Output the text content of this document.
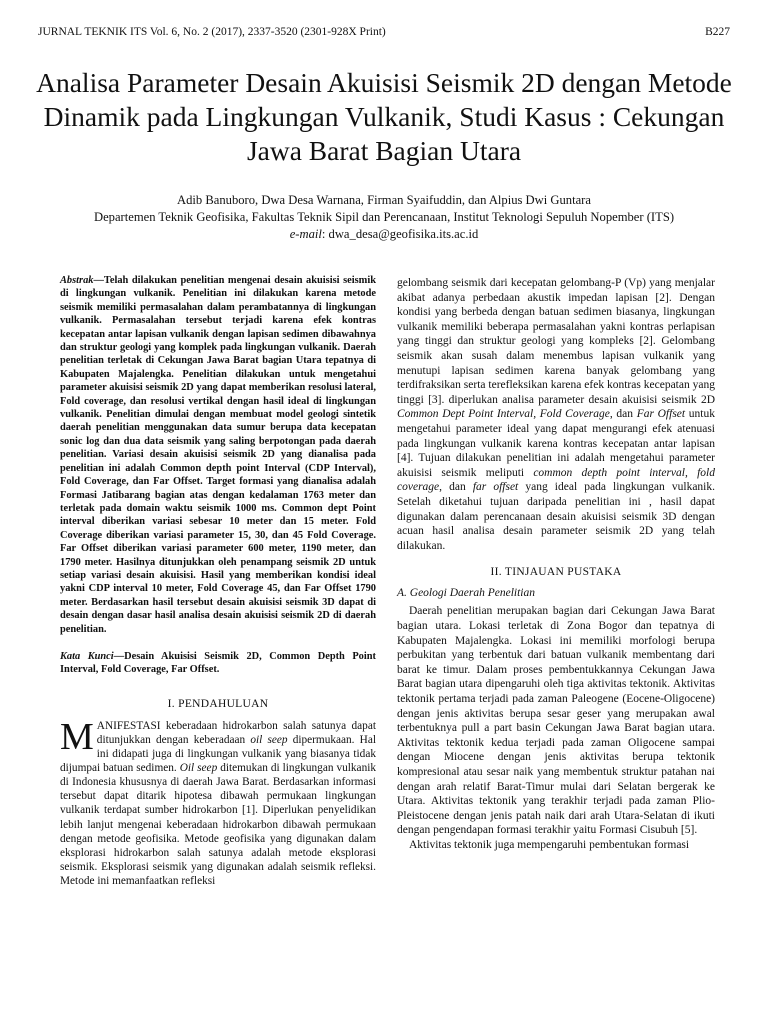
JURNAL TEKNIK ITS Vol. 6, No. 2 (2017), 2337-3520 (2301-928X Print)	B227
Analisa Parameter Desain Akuisisi Seismik 2D dengan Metode Dinamik pada Lingkungan Vulkanik, Studi Kasus : Cekungan Jawa Barat Bagian Utara
Adib Banuboro, Dwa Desa Warnana, Firman Syaifuddin, dan Alpius Dwi Guntara
Departemen Teknik Geofisika, Fakultas Teknik Sipil dan Perencanaan, Institut Teknologi Sepuluh Nopember (ITS)
e-mail: dwa_desa@geofisika.its.ac.id

Abstrak—Telah dilakukan penelitian mengenai desain akuisisi seismik di lingkungan vulkanik. Penelitian ini dilakukan karena metode seismik memiliki permasalahan dalam perambatannya di lingkungan vulkanik. Permasalahan tersebut terjadi karena efek kontras kecepatan antar lapisan vulkanik dengan lapisan sedimen dibawahnya dan struktur geologi yang komplek pada lingkungan vulkanik. Daerah penelitian terletak di Cekungan Jawa Barat bagian Utara tepatnya di Kabupaten Majalengka. Penelitian dilakukan untuk mengetahui parameter akuisisi seismik 2D yang dapat memberikan resolusi lateral, Fold coverage, dan resolusi vertikal dengan hasil ideal di lingkungan vulkanik. Penelitian dimulai dengan membuat model geologi sintetik daerah penelitian menggunakan data sumur berupa data kecepatan sonic log dan dua data seismik yang saling berpotongan pada daerah penelitian. Variasi desain akuisisi seismik 2D yang dianalisa pada penelitian ini adalah Common depth point Interval (CDP Interval), Fold Coverage, dan Far Offset. Target formasi yang dianalisa adalah Formasi Jatibarang bagian atas dengan kedalaman 1763 meter dan terletak pada domain waktu seismik 1000 ms. Common dept Point interval diberikan variasi sebesar 10 meter dan 15 meter. Fold Coverage diberikan variasi parameter 15, 30, dan 45 Fold Coverage. Far Offset diberikan variasi parameter 600 meter, 1190 meter, dan 1790 meter. Hasilnya ditunjukkan oleh penampang seismik 2D untuk setiap variasi desain akuisisi. Hasil yang memberikan kondisi ideal yakni CDP interval 10 meter, Fold Coverage 45, dan Far Offset 1790 meter. Berdasarkan hasil tersebut desain akuisisi seismik 3D dapat di desain dengan dasar hasil analisa desain akuisisi seismik 2D di daerah penelitian.

Kata Kunci—Desain Akuisisi Seismik 2D, Common Depth Point Interval, Fold Coverage, Far Offset.

I. PENDAHULUAN

MANIFESTASI keberadaan hidrokarbon salah satunya dapat ditunjukkan dengan keberadaan oil seep dipermukaan. Hal ini didapati juga di lingkungan vulkanik yang biasanya tidak dijumpai batuan sedimen. Oil seep ditemukan di lingkungan vulkanik di Indonesia khususnya di daerah Jawa Barat. Berdasarkan informasi tersebut dapat ditarik hipotesa dibawah permukaan lingkungan vulkanik terdapat sumber hidrokarbon [1]. Diperlukan penyelidikan lebih lanjut mengenai keberadaan hidrokarbon dibawah permukaan dengan metode geofisika. Metode geofisika yang digunakan dalam eksplorasi hidrokarbon salah satunya adalah metode eksplorasi seismik. Eksplorasi seismik yang digunakan adalah seismik refleksi. Metode ini memanfaatkan refleksi

gelombang seismik dari kecepatan gelombang-P (Vp) yang menjalar akibat adanya perbedaan akustik impedan lapisan [2]. Dengan kondisi yang berbeda dengan batuan sedimen biasanya, lingkungan vulkanik memiliki beberapa permasalahan yakni kontras perlapisan yang tinggi dan struktur geologi yang kompleks [2]. Gelombang seismik akan susah dalam menembus lapisan vulkanik yang menutupi lapisan sedimen karena banyak gelombang yang terdifraksikan serta terefleksikan karena efek kontras kecepatan yang tinggi [3]. diperlukan analisa parameter desain akuisisi seismik 2D Common Dept Point Interval, Fold Coverage, dan Far Offset untuk mengetahui parameter ideal yang dapat mengurangi efek atenuasi pada lingkungan vulkanik karena kontras kecepatan antar lapisan [4]. Tujuan dilakukan penelitian ini adalah mengetahui parameter akuisisi seismik meliputi common depth point interval, fold coverage, dan far offset yang ideal pada lingkungan vulkanik. Setelah diketahui tujuan daripada penelitian ini , hasil dapat digunakan dalam perencanaan desain akuisisi seismik 3D dengan acuan hasil analisa desain parameter seismik 2D yang telah dilakukan.

II. TINJAUAN PUSTAKA
A. Geologi Daerah Penelitian

Daerah penelitian merupakan bagian dari Cekungan Jawa Barat bagian utara. Lokasi terletak di Zona Bogor dan tepatnya di Kabupaten Majalengka. Lokasi ini memiliki morfologi berupa perbukitan yang terbentuk dari batuan vulkanik membentang dari barat ke timur. Dalam proses pembentukkannya Cekungan Jawa Barat bagian utara dipengaruhi oleh tiga aktivitas tektonik. Aktivitas tektonik pertama terjadi pada zaman Paleogene (Eocene-Oligocene) dengan jenis aktivitas berupa sesar geser yang merupakan awal terbentuknya pull a part basin Cekungan Jawa Barat bagian utara. Aktivitas tektonik kedua terjadi pada zaman Oligocene sampai dengan Miocene dengan jenis aktivitas berupa tektonik kompresional atau sesar naik yang membentuk struktur patahan nai dengan arah relatif Barat-Timur mulai dari Selatan bergerak ke Utara. Aktivitas tektonik yang terakhir terjadi pada zaman Plio-Pleistocene dengan jenis patah naik dari arah Utara-Selatan di ikuti dengan pengendapan formasi terakhir yaitu Formasi Cisubuh [5].

Aktivitas tektonik juga mempengaruhi pembentukan formasi
